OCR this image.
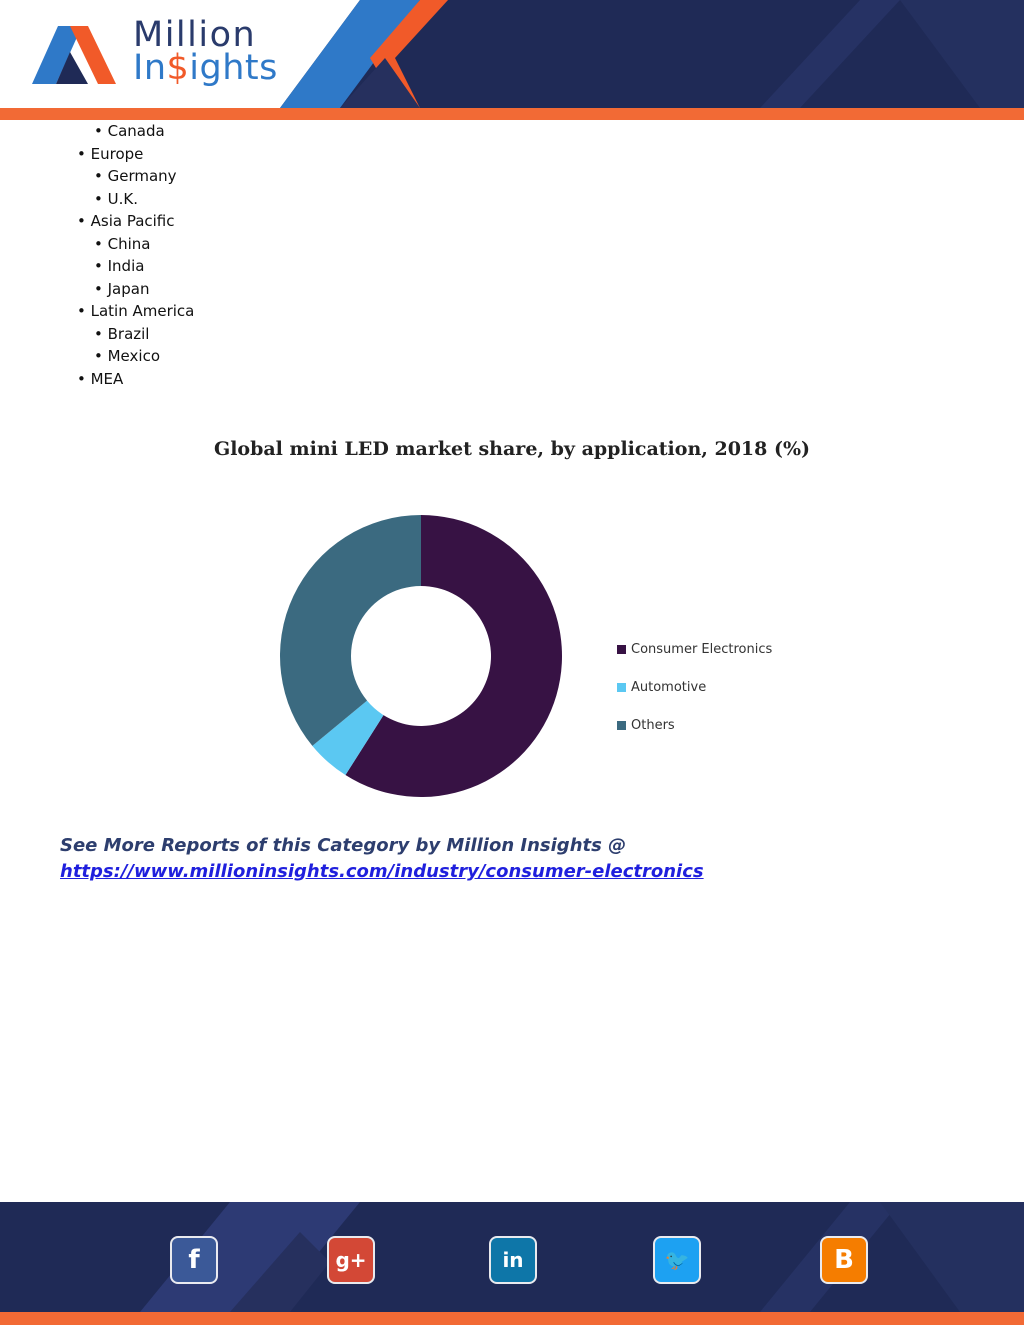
Million
In$ights
• Canada
• Europe
• Germany
• U.K.
• Asia Pacific
• China
• India
• Japan
• Latin America
• Brazil
• Mexico
• MEA
Global mini LED market share, by application, 2018 (%)
Consumer Electronics
Automotive
Others
See More Reports of this Category by Million Insights @
https://www.millioninsights.com/industry/consumer-electronics
f	g+	in	🐦	B
